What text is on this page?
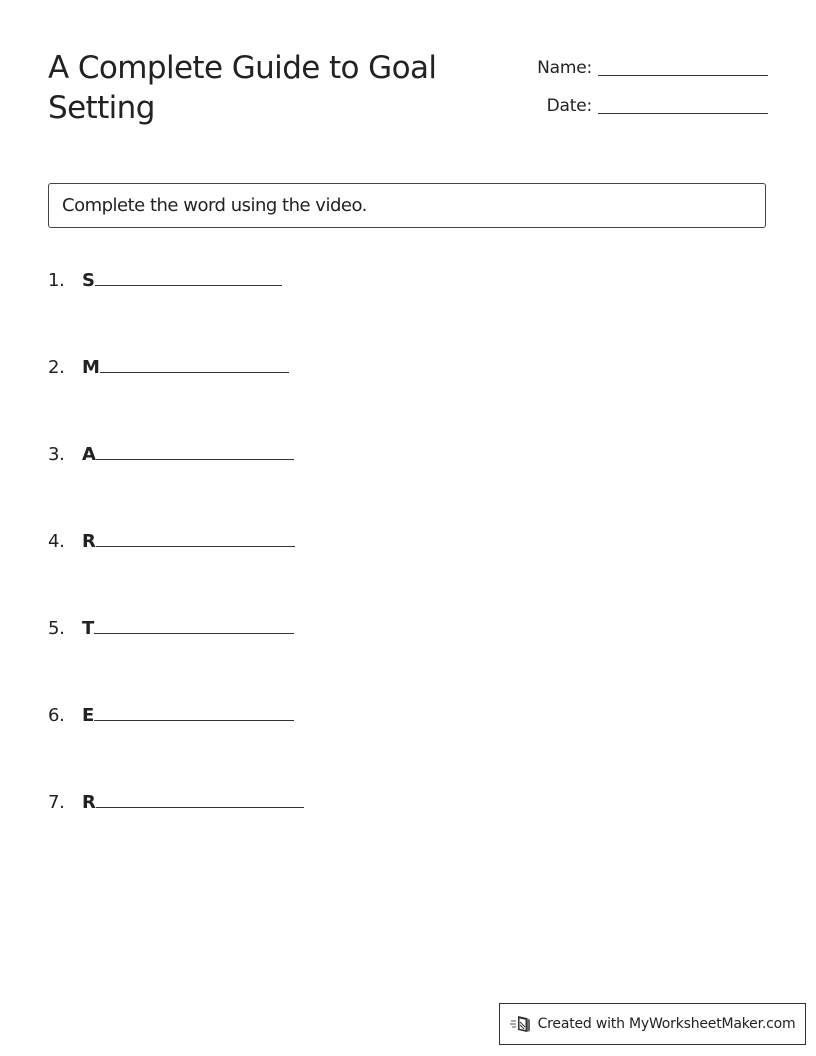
A Complete Guide to Goal Setting
Name:
Date:
Complete the word using the video.
1. S
2. M
3. A
4. R
5. T
6. E
7. R
Created with MyWorksheetMaker.com
